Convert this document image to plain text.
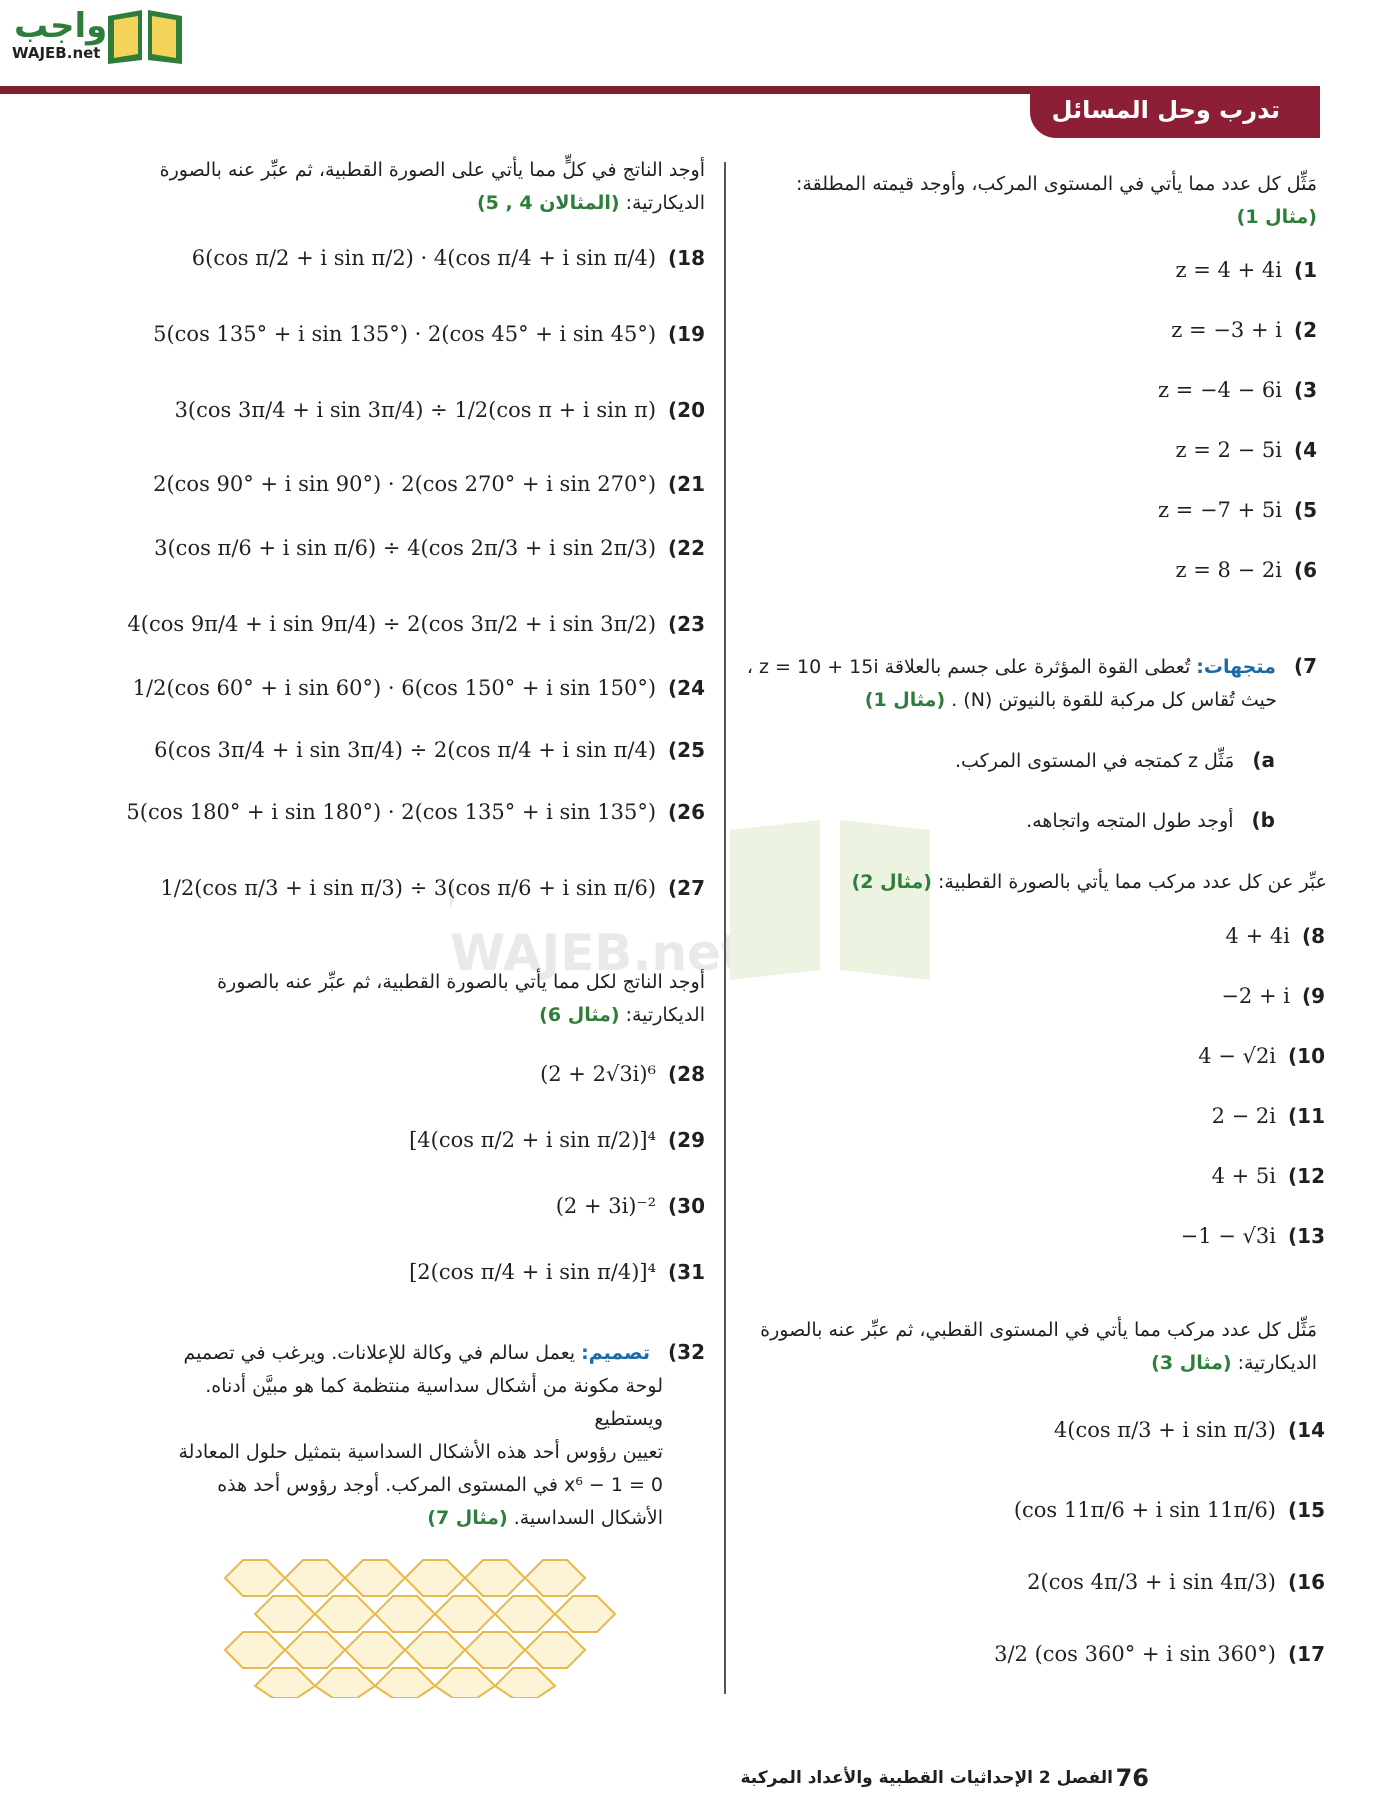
واجب
WAJEB.net
تدرب وحل المسائل
WAJEB.net
مَثِّل كل عدد مما يأتي في المستوى المركب، وأوجد قيمته المطلقة:
(مثال 1)
1)
z = 4 + 4i
2)
z = −3 + i
3)
z = −4 − 6i
4)
z = 2 − 5i
5)
z = −7 + 5i
6)
z = 8 − 2i
7) متجهات: تُعطى القوة المؤثرة على جسم بالعلاقة z = 10 + 15i ،
حيث تُقاس كل مركبة للقوة بالنيوتن (N) . (مثال 1)
a) مَثِّل z كمتجه في المستوى المركب.
b) أوجد طول المتجه واتجاهه.
عبِّر عن كل عدد مركب مما يأتي بالصورة القطبية: (مثال 2)
8)
4 + 4i
9)
−2 + i
10)
4 − √2i
11)
2 − 2i
12)
4 + 5i
13)
−1 − √3i
مَثِّل كل عدد مركب مما يأتي في المستوى القطبي، ثم عبِّر عنه بالصورة
الديكارتية: (مثال 3)
14)
4(cos π/3 + i sin π/3)
15)
(cos 11π/6 + i sin 11π/6)
16)
2(cos 4π/3 + i sin 4π/3)
17)
3/2 (cos 360° + i sin 360°)
أوجد الناتج في كلٍّ مما يأتي على الصورة القطبية، ثم عبِّر عنه بالصورة
الديكارتية: (المثالان 4 , 5)
18)
6(cos π/2 + i sin π/2) · 4(cos π/4 + i sin π/4)
19)
5(cos 135° + i sin 135°) · 2(cos 45° + i sin 45°)
20)
3(cos 3π/4 + i sin 3π/4) ÷ 1/2(cos π + i sin π)
21)
2(cos 90° + i sin 90°) · 2(cos 270° + i sin 270°)
22)
3(cos π/6 + i sin π/6) ÷ 4(cos 2π/3 + i sin 2π/3)
23)
4(cos 9π/4 + i sin 9π/4) ÷ 2(cos 3π/2 + i sin 3π/2)
24)
1/2(cos 60° + i sin 60°) · 6(cos 150° + i sin 150°)
25)
6(cos 3π/4 + i sin 3π/4) ÷ 2(cos π/4 + i sin π/4)
26)
5(cos 180° + i sin 180°) · 2(cos 135° + i sin 135°)
27)
1/2(cos π/3 + i sin π/3) ÷ 3(cos π/6 + i sin π/6)
أوجد الناتج لكل مما يأتي بالصورة القطبية، ثم عبِّر عنه بالصورة
الديكارتية: (مثال 6)
28)
(2 + 2√3i)⁶
29)
[4(cos π/2 + i sin π/2)]⁴
30)
(2 + 3i)⁻²
31)
[2(cos π/4 + i sin π/4)]⁴
32) تصميم: يعمل سالم في وكالة للإعلانات. ويرغب في تصميم
لوحة مكونة من أشكال سداسية منتظمة كما هو مبيَّن أدناه. ويستطيع
تعيين رؤوس أحد هذه الأشكال السداسية بتمثيل حلول المعادلة
x⁶ − 1 = 0 في المستوى المركب. أوجد رؤوس أحد هذه
الأشكال السداسية. (مثال 7)
الفصل 2 الإحداثيات القطبية والأعداد المركبة 76
